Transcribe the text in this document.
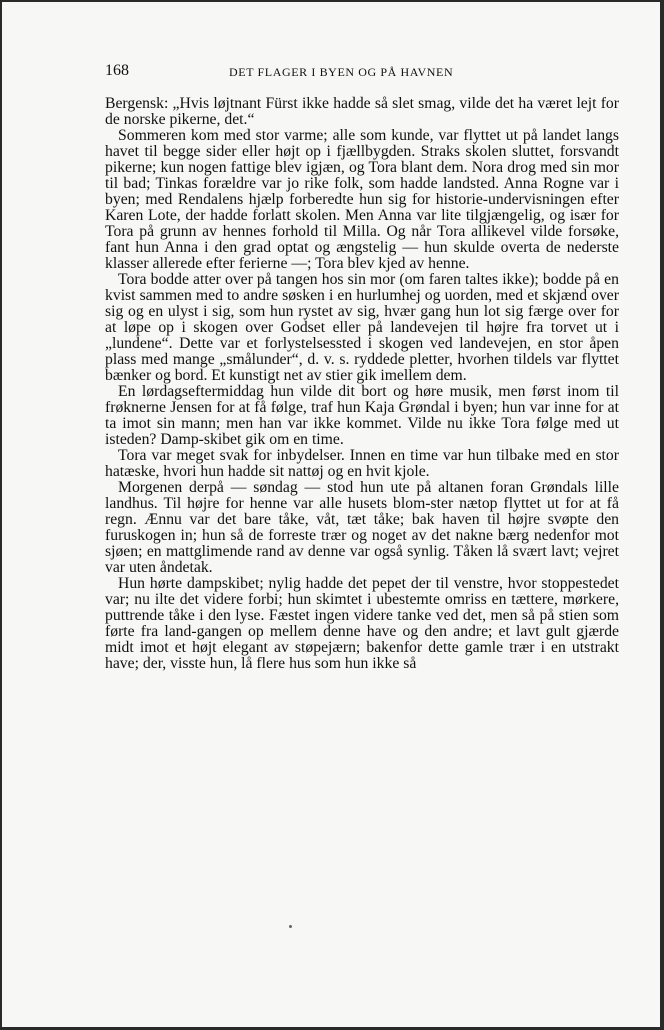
168	DET FLAGER I BYEN OG PÅ HAVNEN

Bergensk: „Hvis løjtnant Fürst ikke hadde så slet smag, vilde det ha været lejt for de norske pikerne, det.“

Sommeren kom med stor varme; alle som kunde, var flyttet ut på landet langs havet til begge sider eller højt op i fjællbygden. Straks skolen sluttet, forsvandt pikerne; kun nogen fattige blev igjæn, og Tora blant dem. Nora drog med sin mor til bad; Tinkas forældre var jo rike folk, som hadde landsted. Anna Rogne var i byen; med Rendalens hjælp forberedte hun sig for historie-undervisningen efter Karen Lote, der hadde forlatt skolen. Men Anna var lite tilgjængelig, og især for Tora på grunn av hennes forhold til Milla. Og når Tora allikevel vilde forsøke, fant hun Anna i den grad optat og ængstelig — hun skulde overta de nederste klasser allerede efter ferierne —; Tora blev kjed av henne.

Tora bodde atter over på tangen hos sin mor (om faren taltes ikke); bodde på en kvist sammen med to andre søsken i en hurlumhej og uorden, med et skjænd over sig og en ulyst i sig, som hun rystet av sig, hvær gang hun lot sig færge over for at løpe op i skogen over Godset eller på landevejen til højre fra torvet ut i „lundene“. Dette var et forlystelsessted i skogen ved landevejen, en stor åpen plass med mange „smålunder“, d. v. s. ryddede pletter, hvorhen tildels var flyttet bænker og bord. Et kunstigt net av stier gik imellem dem.

En lørdagseftermiddag hun vilde dit bort og høre musik, men først inom til frøknerne Jensen for at få følge, traf hun Kaja Grøndal i byen; hun var inne for at ta imot sin mann; men han var ikke kommet. Vilde nu ikke Tora følge med ut isteden? Damp-skibet gik om en time.

Tora var meget svak for inbydelser. Innen en time var hun tilbake med en stor hatæske, hvori hun hadde sit nattøj og en hvit kjole.

Morgenen derpå — søndag — stod hun ute på altanen foran Grøndals lille landhus. Til højre for henne var alle husets blom-ster nætop flyttet ut for at få regn. Ænnu var det bare tåke, våt, tæt tåke; bak haven til højre svøpte den furuskogen in; hun så de forreste trær og noget av det nakne bærg nedenfor mot sjøen; en mattglimende rand av denne var også synlig. Tåken lå svært lavt; vejret var uten åndetak.

Hun hørte dampskibet; nylig hadde det pepet der til venstre, hvor stoppestedet var; nu ilte det videre forbi; hun skimtet i ubestemte omriss en tættere, mørkere, puttrende tåke i den lyse. Fæstet ingen videre tanke ved det, men så på stien som førte fra land-gangen op mellem denne have og den andre; et lavt gult gjærde midt imot et højt elegant av støpejærn; bakenfor dette gamle trær i en utstrakt have; der, visste hun, lå flere hus som hun ikke så
